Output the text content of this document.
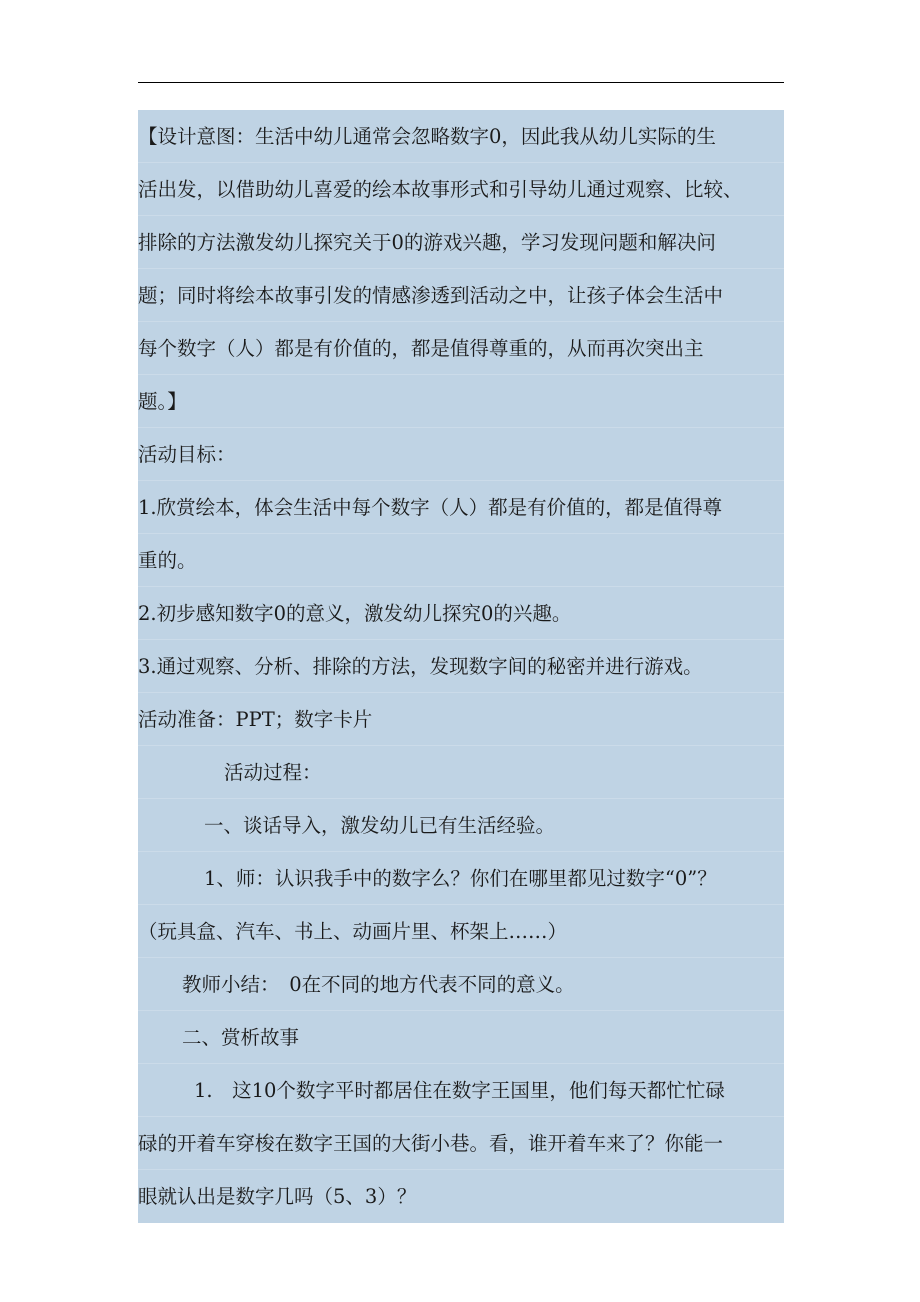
【设计意图：生活中幼儿通常会忽略数字0，因此我从幼儿实际的生
活出发，以借助幼儿喜爱的绘本故事形式和引导幼儿通过观察、比较、
排除的方法激发幼儿探究关于0的游戏兴趣，学习发现问题和解决问
题；同时将绘本故事引发的情感渗透到活动之中，让孩子体会生活中
每个数字（人）都是有价值的，都是值得尊重的，从而再次突出主
题。】
活动目标：
1.欣赏绘本，体会生活中每个数字（人）都是有价值的，都是值得尊
重的。
2.初步感知数字0的意义，激发幼儿探究0的兴趣。
3.通过观察、分析、排除的方法，发现数字间的秘密并进行游戏。
活动准备：PPT；数字卡片
活动过程：
一、谈话导入，激发幼儿已有生活经验。
1、师：认识我手中的数字么？你们在哪里都见过数字“0”？
（玩具盒、汽车、书上、动画片里、杯架上……）
教师小结：　0在不同的地方代表不同的意义。
二、赏析故事
1.　这10个数字平时都居住在数字王国里，他们每天都忙忙碌
碌的开着车穿梭在数字王国的大街小巷。看，谁开着车来了？你能一
眼就认出是数字几吗（5、3）？
